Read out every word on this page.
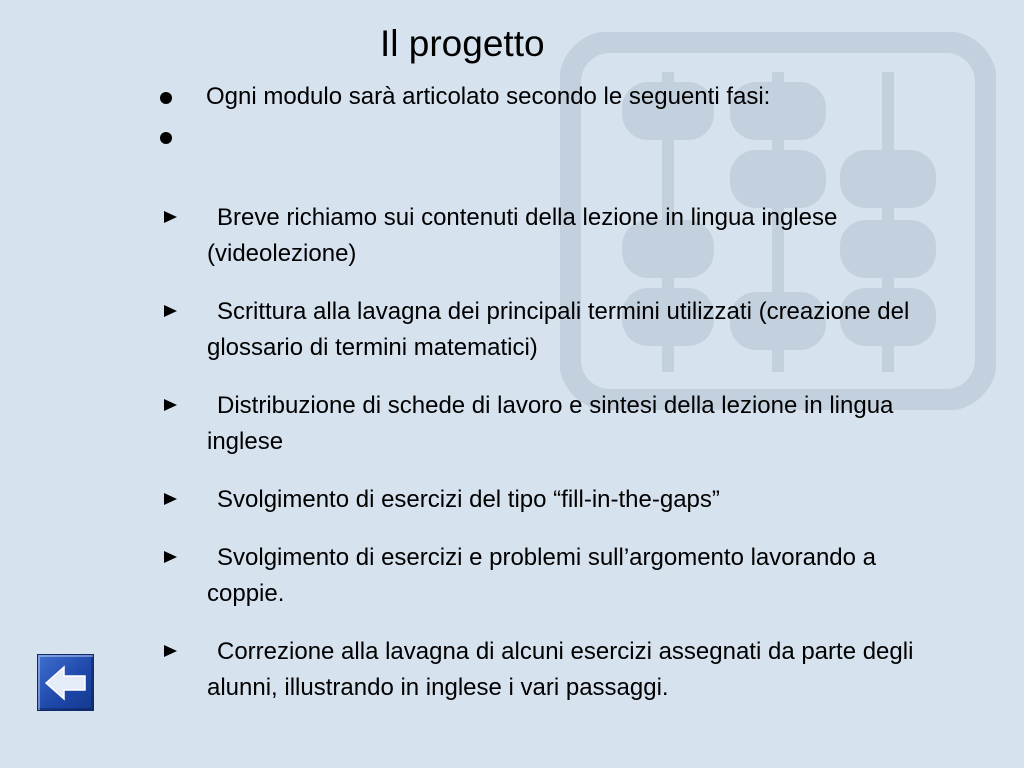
Il progetto
Ogni modulo sarà articolato secondo le seguenti fasi:
Breve richiamo sui contenuti della lezione in lingua inglese (videolezione)
Scrittura alla lavagna dei principali termini utilizzati (creazione del glossario di termini matematici)
Distribuzione di schede di lavoro e sintesi della lezione in lingua inglese
Svolgimento di esercizi del tipo “fill-in-the-gaps”
Svolgimento di esercizi e problemi sull’argomento lavorando a coppie.
Correzione alla lavagna di alcuni esercizi assegnati da parte degli alunni, illustrando in inglese i vari passaggi.
